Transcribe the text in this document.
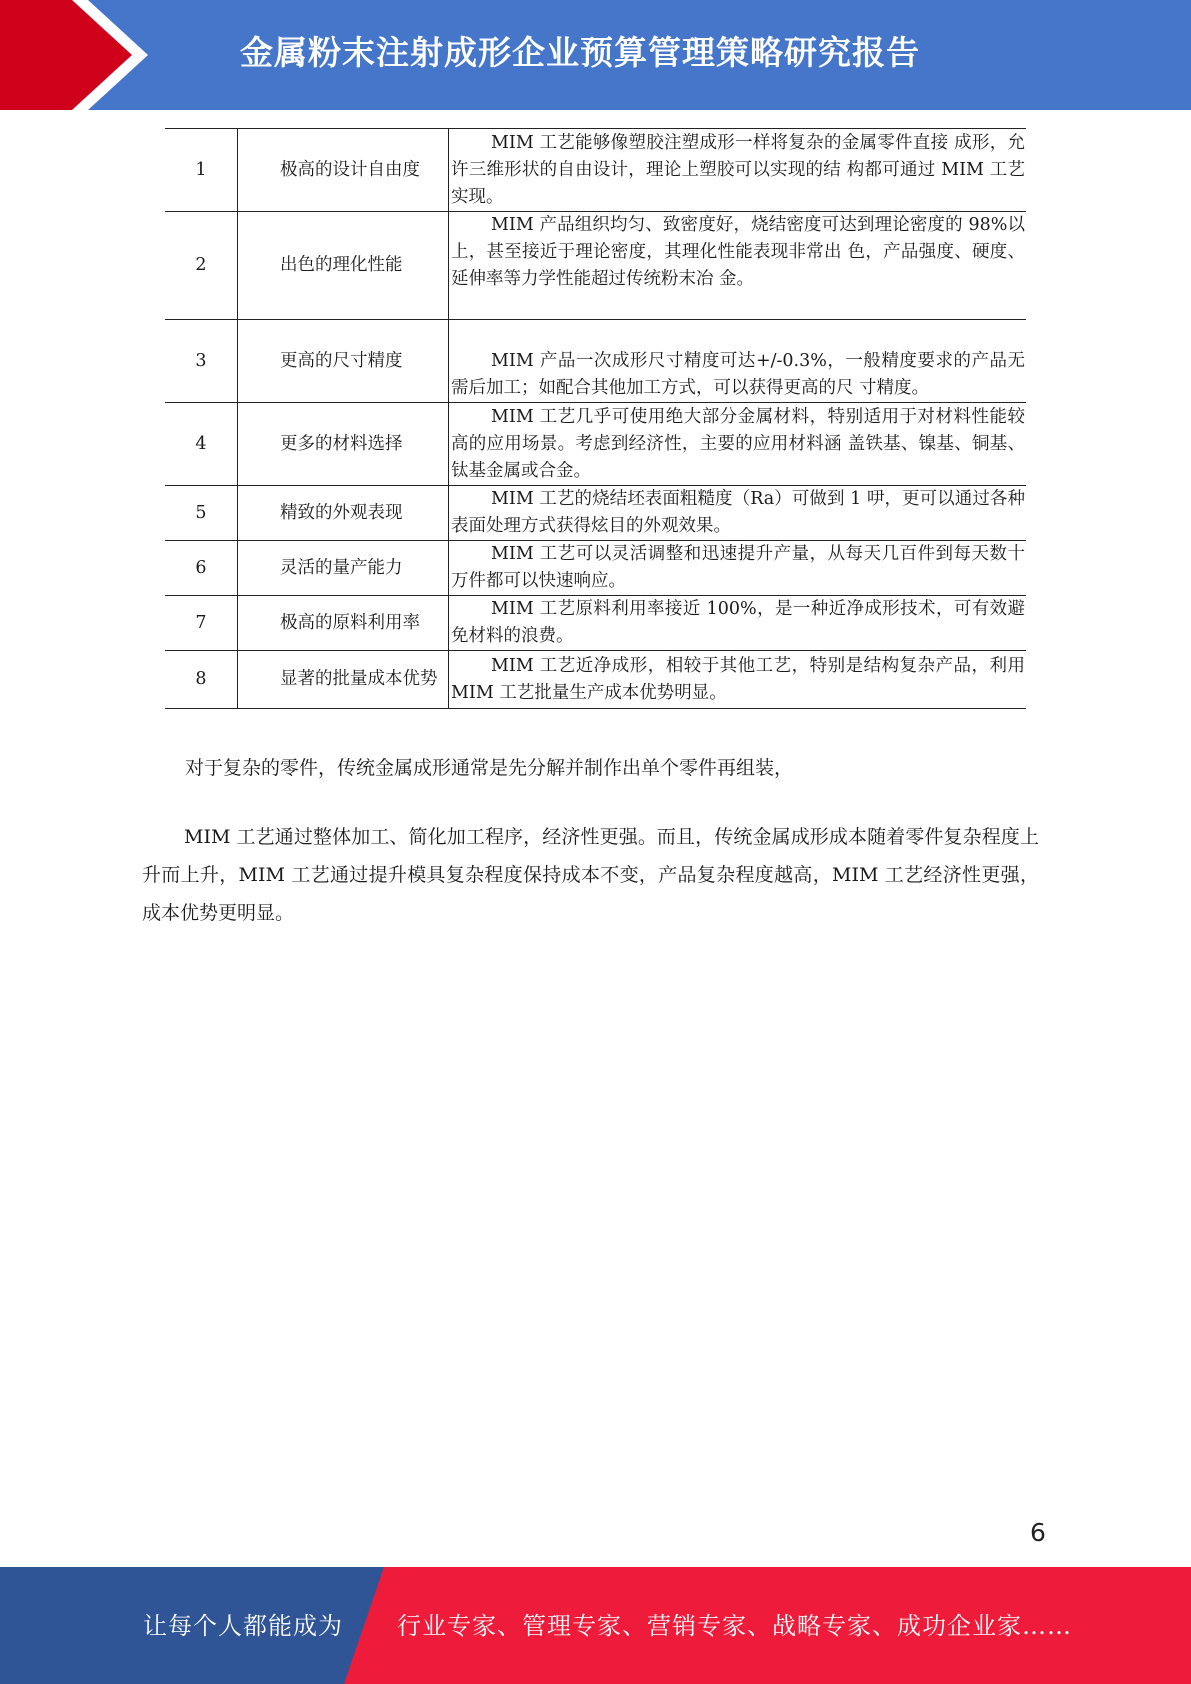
金属粉末注射成形企业预算管理策略研究报告
1	极高的设计自由度	MIM 工艺能够像塑胶注塑成形一样将复杂的金属零件直接 成形，允许三维形状的自由设计，理论上塑胶可以实现的结 构都可通过 MIM 工艺实现。

2	出色的理化性能	MIM 产品组织均匀、致密度好，烧结密度可达到理论密度的 98%以上，甚至接近于理论密度，其理化性能表现非常出 色，产品强度、硬度、延伸率等力学性能超过传统粉末冶 金。

3	更高的尺寸精度	MIM 产品一次成形尺寸精度可达+/-0.3%，一般精度要求的产品无需后加工；如配合其他加工方式，可以获得更高的尺 寸精度。

4	更多的材料选择	MIM 工艺几乎可使用绝大部分金属材料，特别适用于对材料性能较高的应用场景。考虑到经济性，主要的应用材料涵 盖铁基、镍基、铜基、钛基金属或合金。

5	精致的外观表现	MIM 工艺的烧结坯表面粗糙度（Ra）可做到 1 吚，更可以通过各种表面处理方式获得炫目的外观效果。

6	灵活的量产能力	MIM 工艺可以灵活调整和迅速提升产量，从每天几百件到每天数十万件都可以快速响应。

7	极高的原料利用率	MIM 工艺原料利用率接近 100%，是一种近净成形技术，可有效避免材料的浪费。

8	显著的批量成本优势	MIM 工艺近净成形，相较于其他工艺，特别是结构复杂产品，利用 MIM 工艺批量生产成本优势明显。
对于复杂的零件，传统金属成形通常是先分解并制作出单个零件再组装，
MIM 工艺通过整体加工、简化加工程序，经济性更强。而且，传统金属成形成本随着零件复杂程度上升而上升，MIM 工艺通过提升模具复杂程度保持成本不变，产品复杂程度越高，MIM 工艺经济性更强，成本优势更明显。
6
让每个人都能成为 行业专家、管理专家、营销专家、战略专家、成功企业家……
